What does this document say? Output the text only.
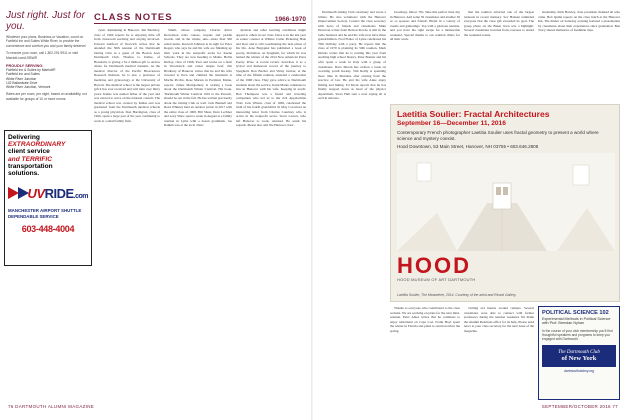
Just right. Just for you.
Whatever your plans, Business or Vacation, count on Fairfield Inn and Suites White River, to provide the convenience and comfort you and your family deserve!
To reserve your room, call 1.802.291.9911 or visit Marriott.com/LEBWR
PROUDLY SERVING:
Fairfield Inn & Suites by Marriott®
Fairfield Inn and Suites
White River Junction
102 Ballardvale Drive
White River Junction, Vermont
Rates are per room, per night, based on availability, not available for groups of 10 or more rooms.
Delivering
EXTRAORDINARY
client service
and TERRIFIC
transportation
solutions.
UVRIDE.com
MANCHESTER AIRPORT SHUTTLE DEPENDABLE SERVICE
603-448-4004
CLASS NOTES	1966-1970

cynic. Remaining in Hanover. Jim Bardsley, class of 1966 reports he is enjoying time off from classroom teaching and staying involved. Edward Ashford of Norwich writes that he attended the 50th reunion of the Dartmouth Outing Club as a guest of the Boston Area Dartmouth Club. Thomas G. Kuhse, of Honolulu, is giving a $1.2 million gift to endow chairs for Dartmouth medical students. As the medical director of the Pacific Biosciences Research Institute, he is also a professor of medicine and gynecology at the University of Hawaii. The medical school is the largest private gift it has ever received and will train over thirty years. Kuhse was named father of the year and was elected to serve on the national council. The medical school was created by Kuhse and was graduated from the Dartmouth medical schools as a young physician. Don Harrington, class of 1966, spent a large part of his year continuing to work at a small family firm.

Smith, whose company Charles River Recreation rents canoes, kayaks and paddle boards, and in the winter, skis—more than 500 rental items. Roswell Johnson is in sight for Peter Rogers who says he and his wife are finishing up their work in the nonprofit arena for Keene Schools. They are now heading to Maine. Hollis Kirtley, class of 1968, lives and works on a farm in Woodstock and raises Angus beef. Jim Bradbury of Hanover writes that he and his wife traveled to Peru and climbed the mountain at Machu Picchu. Rose Marten in Portland, Maine, reports. James Montgomery is writing a book about the Dartmouth Winter Carnival. His book, 'Dartmouth Winter Carnival 1910 to the Present', should be out in the fall. He has written previously about the Outing Club as well. Jack Bunnell and Reed Whitney held an outdoor picnic in 2017 with the entire class of 1968. Bill Shaw, Dave Lechner and Gary Shaw spent a week in August at a family reunion in Lyme with a dozen grandkids. Joe Rankin was at the local clinic.

dyslexia and other learning conditions might appeal to others in our class. Dave is in the last year as senior counsel at Wilmer Cutler Pickering Hale and Dorr and is still coordinating the next phase of his life. Arne Bergquist has published a book of poetry, Invitation, on Spaghetti, for which he was named the winner of the 2014 New American Press Poetry Prize. A recent review describes it as a lyrical and humorous record of the journey to Spaghetti. Ron Bachor and Vinny Gruber, at the time of the fiftieth reunion, attended a celebration of the 1968 class. They gave advice to Dartmouth students about the service. Kenn Marks continues to live in Hanover with his wife. Keeping in touch: Bob Thompson was a friend and traveling companion who led us to the rich Appalachian Trail. Jack Wilson, class of 1969, celebrated the birth of his fourth grandchild. In May I received an interesting letter from Charles Courtney who is active in the nonprofit sector. Steve Larson, who left Hanover to work, returned. He sends his regards. Please also add 'the Hanover class'.

Dartmouth Outing Club ceremony and wrote a tribute. He also volunteers with the Hanover Improvement Society. Contact the class secretary with news of friends and classmates. Mike Donovan writes from Boston that he is still in the radio business and he and his wife now have three grandchildren. Fred Fisher of Lyme celebrated his 70th birthday with a party. He reports that the class of 1970 is planning its 50th reunion. Mark Dubois writes that he is retiring this year from teaching high school history. Peter Bonner and his wife spent a week in Italy with a group of classmates. Dave Moran has written a book on coaching youth hockey. Tim Reilly is spending more time in Montana after retiring from the practice of law. He and his wife Anne enjoy fishing and hiking. Ed Klein reports that he has finally stepped down as head of the physics department. Steve Hall sent a note saying all is well in Arizona.

Greetings, fellow '70s. Take this perfect June day in Hanover. Add some 50 classmates and another 30 or so spouses and friends. Blend in a variety of events and gatherings. Top with a glorious reunion, and you have the right recipe for a memorable weekend. Special thanks to our reunion chairs for all their work.

that the reunion attracted one of the largest turnouts in recent memory. Sev Hansen reminded everyone that the class gift exceeded its goal. The group photo on the Baker lawn was a highlight. Several classmates traveled from overseas to attend the weekend events.

leadership. Rick Hawley, class president, thanked all who came. Bob Quinn reports on the class lunch at the Hanover Inn. The dinner on Saturday evening featured a presentation by classmates about their experiences since graduation. Ben Tracy shared memories of freshman trips.

Laetitia Soulier: Fractal Architectures
September 16—December 11, 2016
Contemporary French photographer Laetitia Soulier uses fractal geometry to present a world where science and mystery coexist.
Hood Downtown, 53 Main Street, Hanover, NH 03755 • 603.646.2808
HOOD
HOOD MUSEUM OF ART DARTMOUTH
Laetitia Soulier, The Meanderer, 2014. Courtesy of the artist and Ricard Gallery.

Thanks to everyone who contributed to the class website. We are working on plans for the next mini-reunion. Peter Ames writes that he continues to enjoy retirement on Cape Cod. Frank Hoyt spent the winter in Florida and plans to return north in the spring.

visiting old haunts around campus. Several classmates were able to connect with former professors during the reunion weekend. We thank the Alumni Relations office for its help. Please send news to your class secretary for the next issue of the magazine.

POLITICAL SCIENCE 102
Experimental Methods in Political Science with Prof. Brendan Nyhan
In the course of your club membership you'll find thoughtful speakers and programs to keep you engaged with Dartmouth.
The Dartmouth Club
of New York
dartmouthclubny.org
76 DARTMOUTH ALUMNI MAGAZINE	SEPTEMBER/OCTOBER 2016 77
